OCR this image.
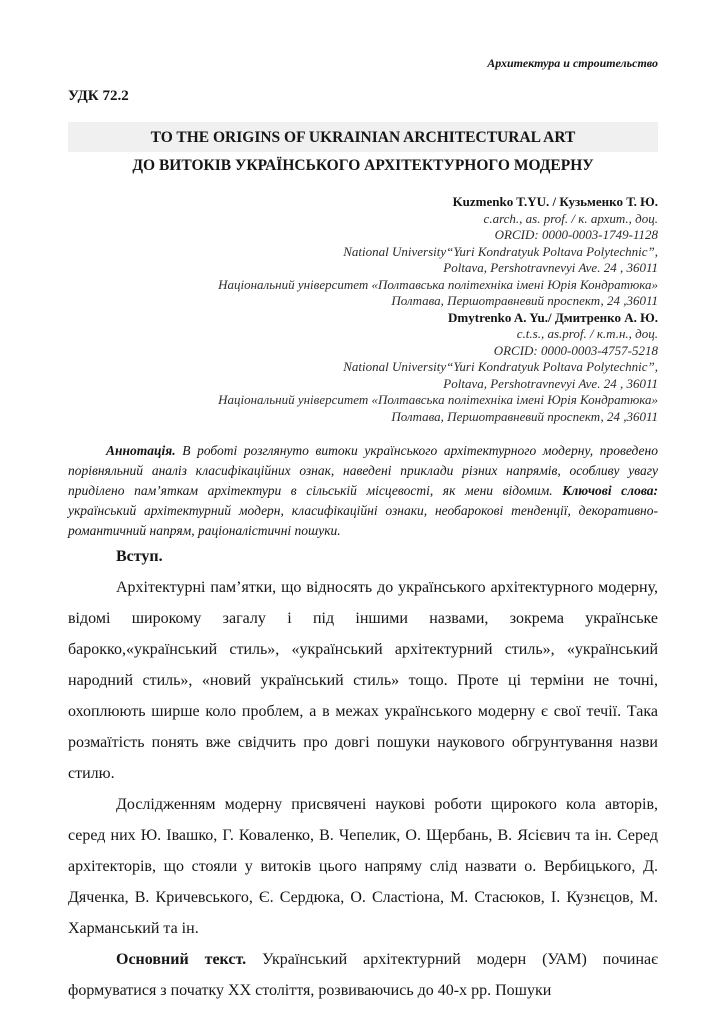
Архитектура и строительство
УДК 72.2
TO THE ORIGINS OF UKRAINIAN ARCHITECTURAL ART
ДО ВИТОКІВ УКРАЇНСЬКОГО АРХІТЕКТУРНОГО МОДЕРНУ
Kuzmenko T.YU. / Кузьменко Т. Ю.
c.arch., as. prof. / к. архит., доц.
ORCID: 0000-0003-1749-1128
National University“Yuri Kondratyuk Poltava Polytechnic”,
Poltava, Pershotravnevyi Ave. 24 , 36011
Національний університет «Полтавська політехніка імені Юрія Кондратюка»
Полтава, Першотравневий проспект, 24 ,36011
Dmytrenko A. Yu./ Дмитренко А. Ю.
c.t.s., as.prof. / к.т.н., доц.
ORCID: 0000-0003-4757-5218
National University“Yuri Kondratyuk Poltava Polytechnic”,
Poltava, Pershotravnevyi Ave. 24 , 36011
Національний університет «Полтавська політехніка імені Юрія Кондратюка»
Полтава, Першотравневий проспект, 24 ,36011

Аннотація. В роботі розглянуто витоки українського архітектурного модерну, проведено порівняльний аналіз класифікаційних ознак, наведені приклади різних напрямів, особливу увагу приділено пам’яткам архітектури в сільській місцевості, як мени відомим. Ключові слова: український архітектурний модерн, класифікаційні ознаки, необарокові тенденції, декоративно-романтичний напрям, раціоналістичні пошуки.

Вступ.

Архітектурні пам’ятки, що відносять до українського архітектурного модерну, відомі широкому загалу і під іншими назвами, зокрема українське барокко,«український стиль», «український архітектурний стиль», «український народний стиль», «новий український стиль» тощо. Проте ці терміни не точні, охоплюють ширше коло проблем, а в межах українського модерну є свої течії. Така розмаїтість понять вже свідчить про довгі пошуки наукового обгрунтування назви стилю.

Дослідженням модерну присвячені наукові роботи щирокого кола авторів, серед них Ю. Івашко, Г. Коваленко, В. Чепелик, О. Щербань, В. Ясієвич та ін. Серед архітекторів, що стояли у витоків цього напряму слід назвати о. Вербицького, Д. Дяченка, В. Кричевського, Є. Сердюка, О. Сластіона, М. Стасюков, І. Кузнєцов, М. Харманський та ін.

Основний текст. Український архітектурний модерн (УАМ) починає формуватися з початку ХХ століття, розвиваючись до 40-х рр. Пошуки
